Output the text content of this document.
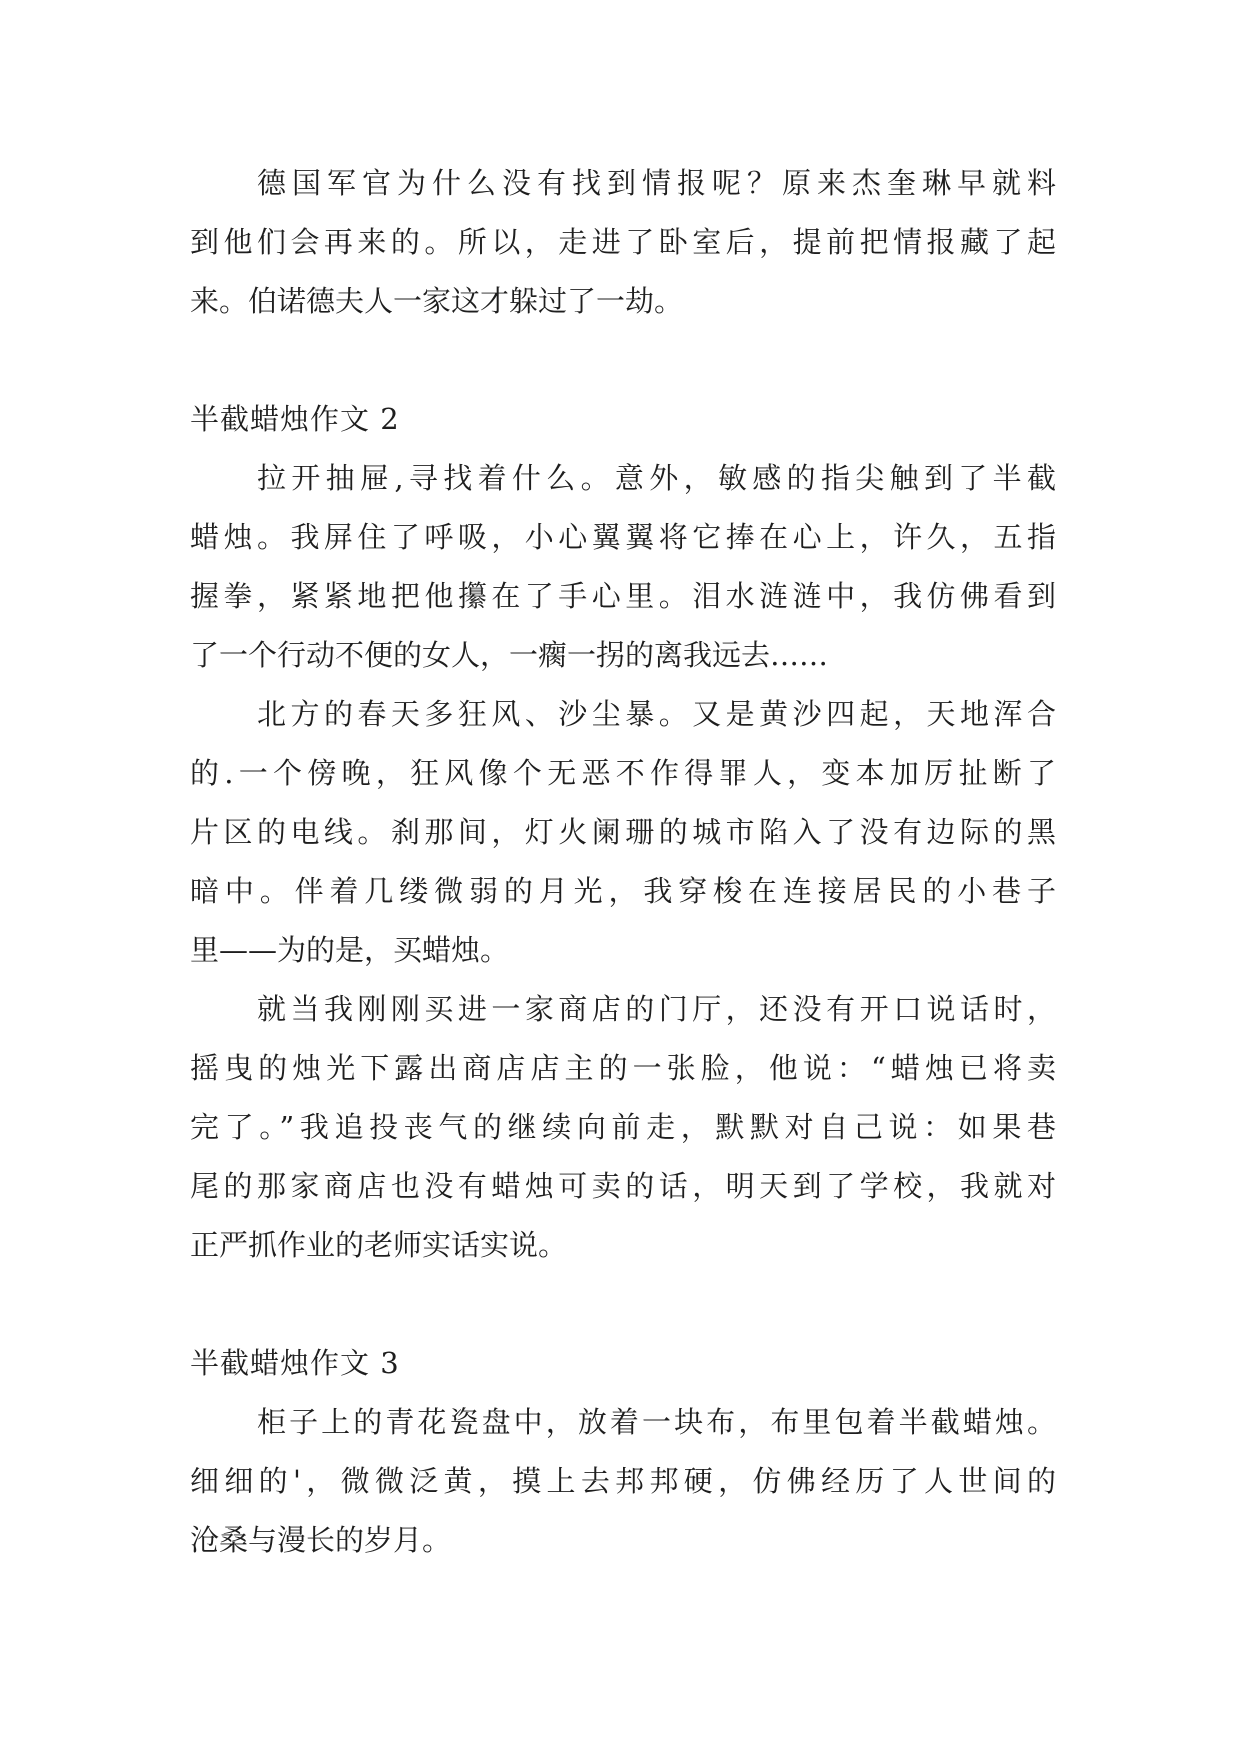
德国军官为什么没有找到情报呢？原来杰奎琳早就料
到他们会再来的。所以，走进了卧室后，提前把情报藏了起
来。伯诺德夫人一家这才躲过了一劫。
半截蜡烛作文 2
拉开抽屉,寻找着什么。意外，敏感的指尖触到了半截
蜡烛。我屏住了呼吸，小心翼翼将它捧在心上，许久，五指
握拳，紧紧地把他攥在了手心里。泪水涟涟中，我仿佛看到
了一个行动不便的女人，一瘸一拐的离我远去……
北方的春天多狂风、沙尘暴。又是黄沙四起，天地浑合
的.一个傍晚，狂风像个无恶不作得罪人，变本加厉扯断了
片区的电线。刹那间，灯火阑珊的城市陷入了没有边际的黑
暗中。伴着几缕微弱的月光，我穿梭在连接居民的小巷子
里——为的是，买蜡烛。
就当我刚刚买进一家商店的门厅，还没有开口说话时，
摇曳的烛光下露出商店店主的一张脸，他说：“蜡烛已将卖
完了。”我追投丧气的继续向前走，默默对自己说：如果巷
尾的那家商店也没有蜡烛可卖的话，明天到了学校，我就对
正严抓作业的老师实话实说。
半截蜡烛作文 3
柜子上的青花瓷盘中，放着一块布，布里包着半截蜡烛。
细细的'，微微泛黄，摸上去邦邦硬，仿佛经历了人世间的
沧桑与漫长的岁月。
